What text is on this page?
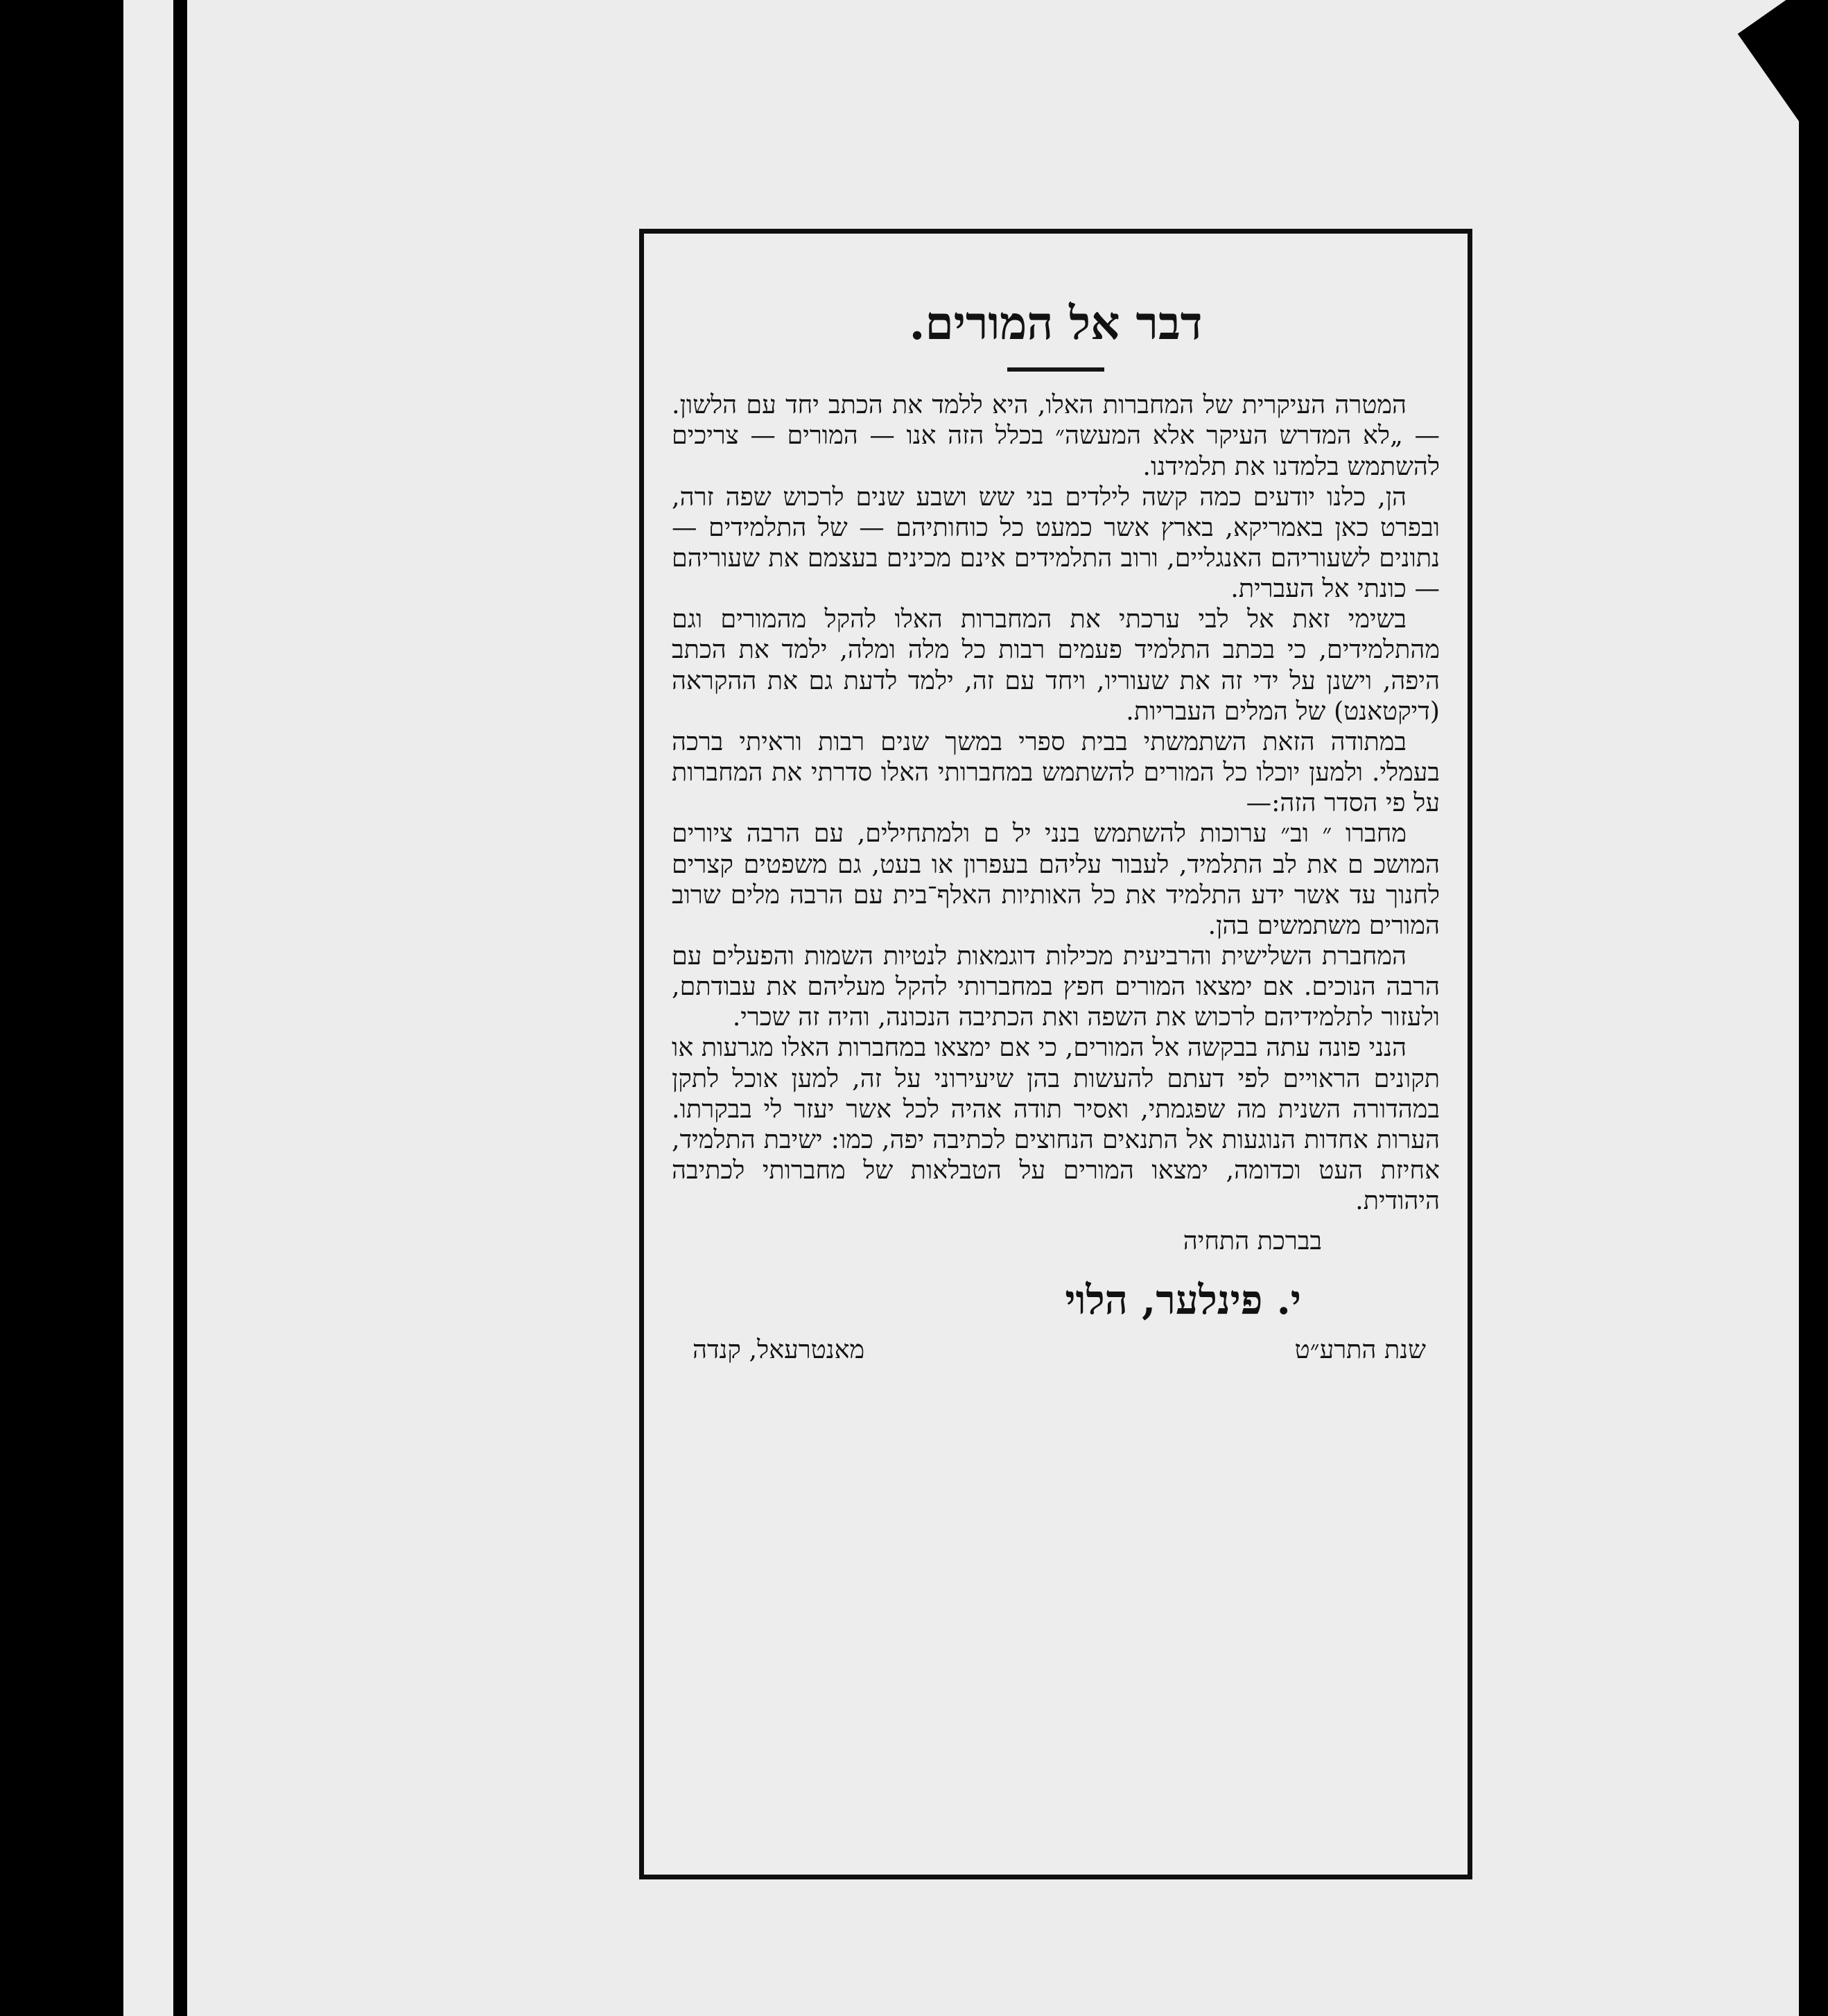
דבר אל המורים.

המטרה העיקרית של המחברות האלו, היא ללמד את הכתב יחד עם הלשון. — „לא המדרש העיקר אלא המעשה״ בכלל הזה אנו — המורים — צריכים להשתמש בלמדנו את תלמידנו.

הן, כלנו יודעים כמה קשה לילדים בני שש ושבע שנים לרכוש שפה זרה, ובפרט כאן באמריקא, בארץ אשר כמעט כל כוחותיהם — של התלמידים — נתונים לשעוריהם האנגליים, ורוב התלמידים אינם מכינים בעצמם את שעוריהם — כונתי אל העברית.

בשימי זאת אל לבי ערכתי את המחברות האלו להקל מהמורים וגם מהתלמידים, כי בכתב התלמיד פעמים רבות כל מלה ומלה, ילמד את הכתב היפה, וישנן על ידי זה את שעוריו, ויחד עם זה, ילמד לדעת גם את ההקראה (דיקטאנט) של המלים העבריות.

במתודה הזאת השתמשתי בבית ספרי במשך שנים רבות וראיתי ברכה בעמלי. ולמען יוכלו כל המורים להשתמש במחברותי האלו סדרתי את המחברות על פי הסדר הזה:—

מחברו ״ וב״ ערוכות להשתמש בנני יל ם ולמתחילים, עם הרבה ציורים המושכ ם את לב התלמיד, לעבור עליהם בעפרון או בעט, גם משפטים קצרים לחנוך עד אשר ידע התלמיד את כל האותיות האלף־בית עם הרבה מלים שרוב המורים משתמשים בהן.

המחברת השלישית והרביעית מכילות דוגמאות לנטיות השמות והפעלים עם הרבה הנוכים. אם ימצאו המורים חפץ במחברותי להקל מעליהם את עבודתם, ולעזור לתלמידיהם לרכוש את השפה ואת הכתיבה הנכונה, והיה זה שכרי.

הנני פונה עתה בבקשה אל המורים, כי אם ימצאו במחברות האלו מגרעות או תקונים הראויים לפי דעתם להעשות בהן שיעירוני על זה, למען אוכל לתקן במהדורה השנית מה שפגמתי, ואסיר תודה אהיה לכל אשר יעזר לי בבקרתו. הערות אחדות הנוגעות אל התנאים הנחוצים לכתיבה יפה, כמו: ישיבת התלמיד, אחיזת העט וכדומה, ימצאו המורים על הטבלאות של מחברותי לכתיבה היהודית.

בברכת התחיה
י. פינלער, הלוי
שנת התרע״ט
מאנטרעאל, קנדה
